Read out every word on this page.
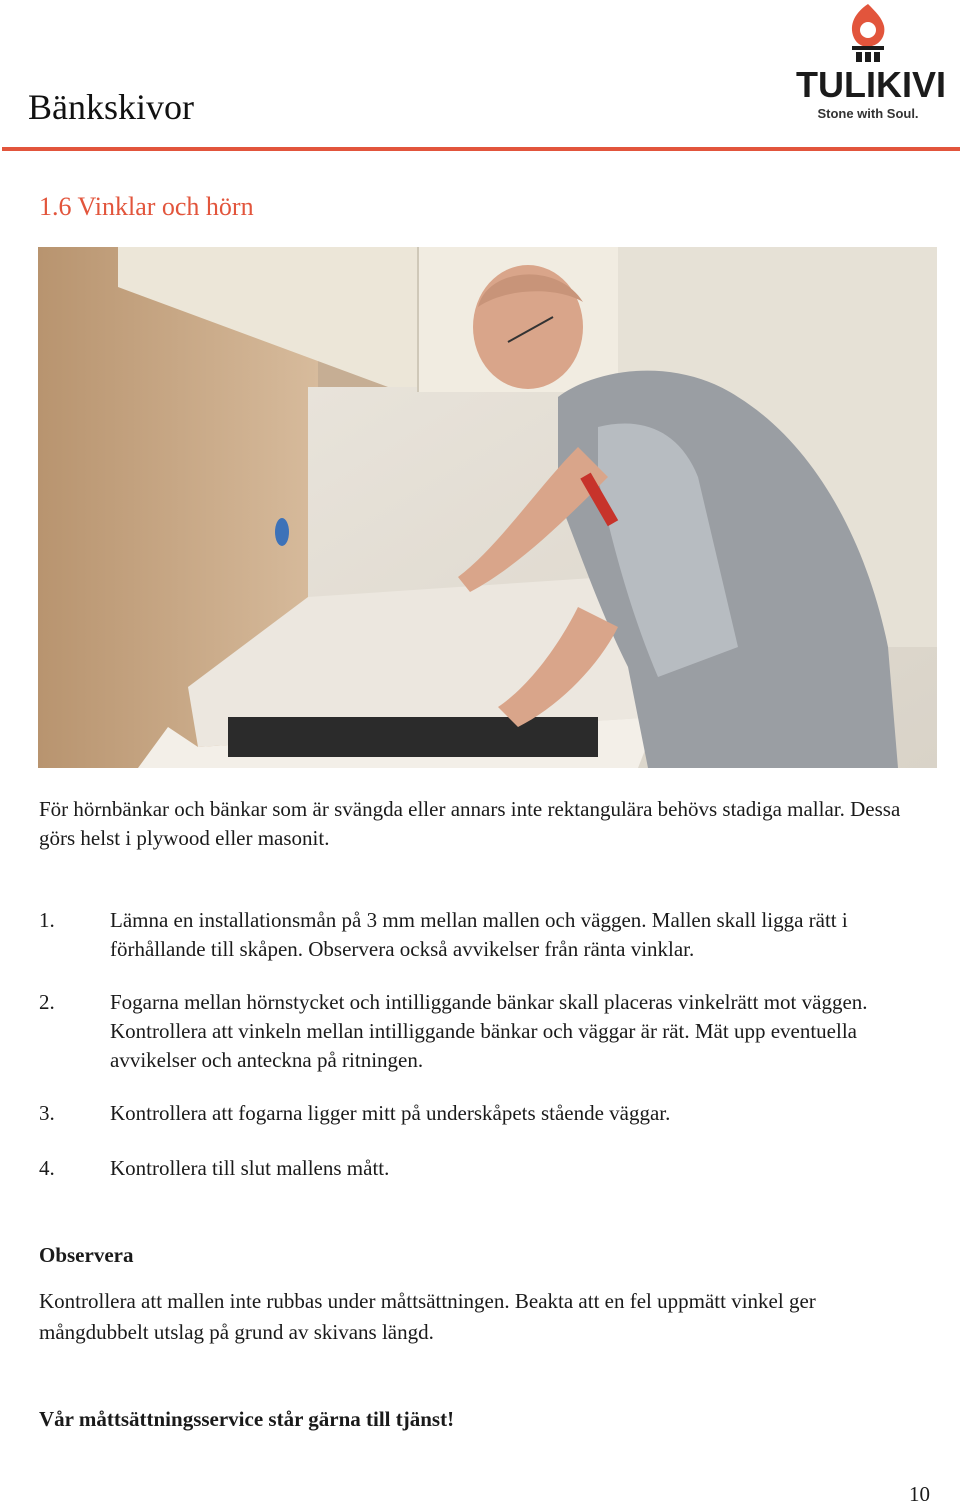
Bänkskivor
TULIKIVI
Stone with Soul.
1.6 Vinklar och hörn
För hörnbänkar och bänkar som är svängda eller annars inte rektangulära behövs stadiga mallar. Dessa görs helst i plywood eller masonit.
1.	Lämna en installationsmån på 3 mm mellan mallen och väggen. Mallen skall ligga rätt i förhållande till skåpen. Observera också avvikelser från ränta vinklar.
2.	Fogarna mellan hörnstycket och intilliggande bänkar skall placeras vinkelrätt mot väggen. Kontrollera att vinkeln mellan intilliggande bänkar och väggar är rät. Mät upp eventuella avvikelser och anteckna på ritningen.
3.	Kontrollera att fogarna ligger mitt på underskåpets stående väggar.
4.	Kontrollera till slut mallens mått.
Observera
Kontrollera att mallen inte rubbas under måttsättningen. Beakta att en fel uppmätt vinkel ger mångdubbelt utslag på grund av skivans längd.
Vår måttsättningsservice står gärna till tjänst!
10
